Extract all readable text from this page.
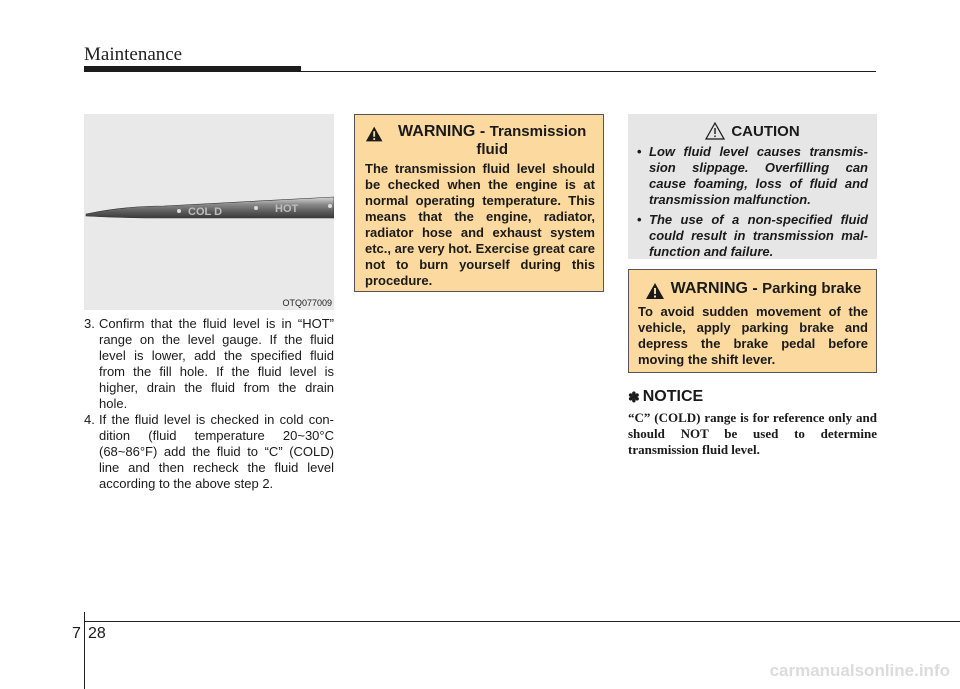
Maintenance
COL D	HOT
OTQ077009
3. Confirm that the fluid level is in “HOT” range on the level gauge. If the fluid level is lower, add the specified fluid from the fill hole. If the fluid level is higher, drain the fluid from the drain hole.
4. If the fluid level is checked in cold con-dition (fluid temperature 20~30°C (68~86°F) add the fluid to “C” (COLD) line and then recheck the fluid level according to the above step 2.
WARNING - Transmission fluid
The transmission fluid level should be checked when the engine is at normal operating temperature. This means that the engine, radiator, radiator hose and exhaust system etc., are very hot. Exercise great care not to burn yourself during this procedure.
CAUTION
• Low fluid level causes transmis-sion slippage. Overfilling can cause foaming, loss of fluid and transmission malfunction.
• The use of a non-specified fluid could result in transmission mal-function and failure.
WARNING - Parking brake
To avoid sudden movement of the vehicle, apply parking brake and depress the brake pedal before moving the shift lever.
✽ NOTICE
“C” (COLD) range is for reference only and should NOT be used to determine transmission fluid level.
7 28
carmanualsonline.info
